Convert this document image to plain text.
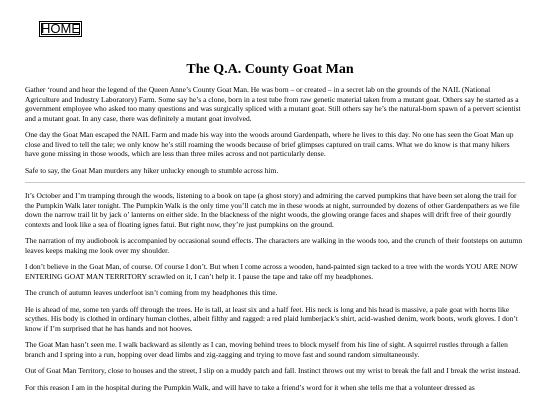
HOME
The Q.A. County Goat Man

Gather ‘round and hear the legend of the Queen Anne’s County Goat Man. He was born – or created – in a secret lab on the grounds of the NAIL (National Agriculture and Industry Laboratory) Farm. Some say he’s a clone, born in a test tube from raw genetic material taken from a mutant goat. Others say he started as a government employee who asked too many questions and was surgically spliced with a mutant goat. Still others say he’s the natural-born spawn of a pervert scientist and a mutant goat. In any case, there was definitely a mutant goat involved.

One day the Goat Man escaped the NAIL Farm and made his way into the woods around Gardenpath, where he lives to this day. No one has seen the Goat Man up close and lived to tell the tale; we only know he’s still roaming the woods because of brief glimpses captured on trail cams. What we do know is that many hikers have gone missing in those woods, which are less than three miles across and not particularly dense.

Safe to say, the Goat Man murders any hiker unlucky enough to stumble across him.

It’s October and I’m tramping through the woods, listening to a book on tape (a ghost story) and admiring the carved pumpkins that have been set along the trail for the Pumpkin Walk later tonight. The Pumpkin Walk is the only time you’ll catch me in these woods at night, surrounded by dozens of other Gardenpathers as we file down the narrow trail lit by jack o’ lanterns on either side. In the blackness of the night woods, the glowing orange faces and shapes will drift free of their gourdly contexts and look like a sea of floating ignes fatui. But right now, they’re just pumpkins on the ground.

The narration of my audiobook is accompanied by occasional sound effects. The characters are walking in the woods too, and the crunch of their footsteps on autumn leaves keeps making me look over my shoulder.

I don’t believe in the Goat Man, of course. Of course I don’t. But when I come across a wooden, hand-painted sign tacked to a tree with the words YOU ARE NOW ENTERING GOAT MAN TERRITORY scrawled on it, I can’t help it. I pause the tape and take off my headphones.

The crunch of autumn leaves underfoot isn’t coming from my headphones this time.

He is ahead of me, some ten yards off through the trees. He is tall, at least six and a half feet. His neck is long and his head is massive, a pale goat with horns like scythes. His body is clothed in ordinary human clothes, albeit filthy and ragged: a red plaid lumberjack’s shirt, acid-washed denim, work boots, work gloves. I don’t know if I’m surprised that he has hands and not hooves.

The Goat Man hasn’t seen me. I walk backward as silently as I can, moving behind trees to block myself from his line of sight. A squirrel rustles through a fallen branch and I spring into a run, hopping over dead limbs and zig-zagging and trying to move fast and sound random simultaneously.

Out of Goat Man Territory, close to houses and the street, I slip on a muddy patch and fall. Instinct throws out my wrist to break the fall and I break the wrist instead.

For this reason I am in the hospital during the Pumpkin Walk, and will have to take a friend’s word for it when she tells me that a volunteer dressed as
